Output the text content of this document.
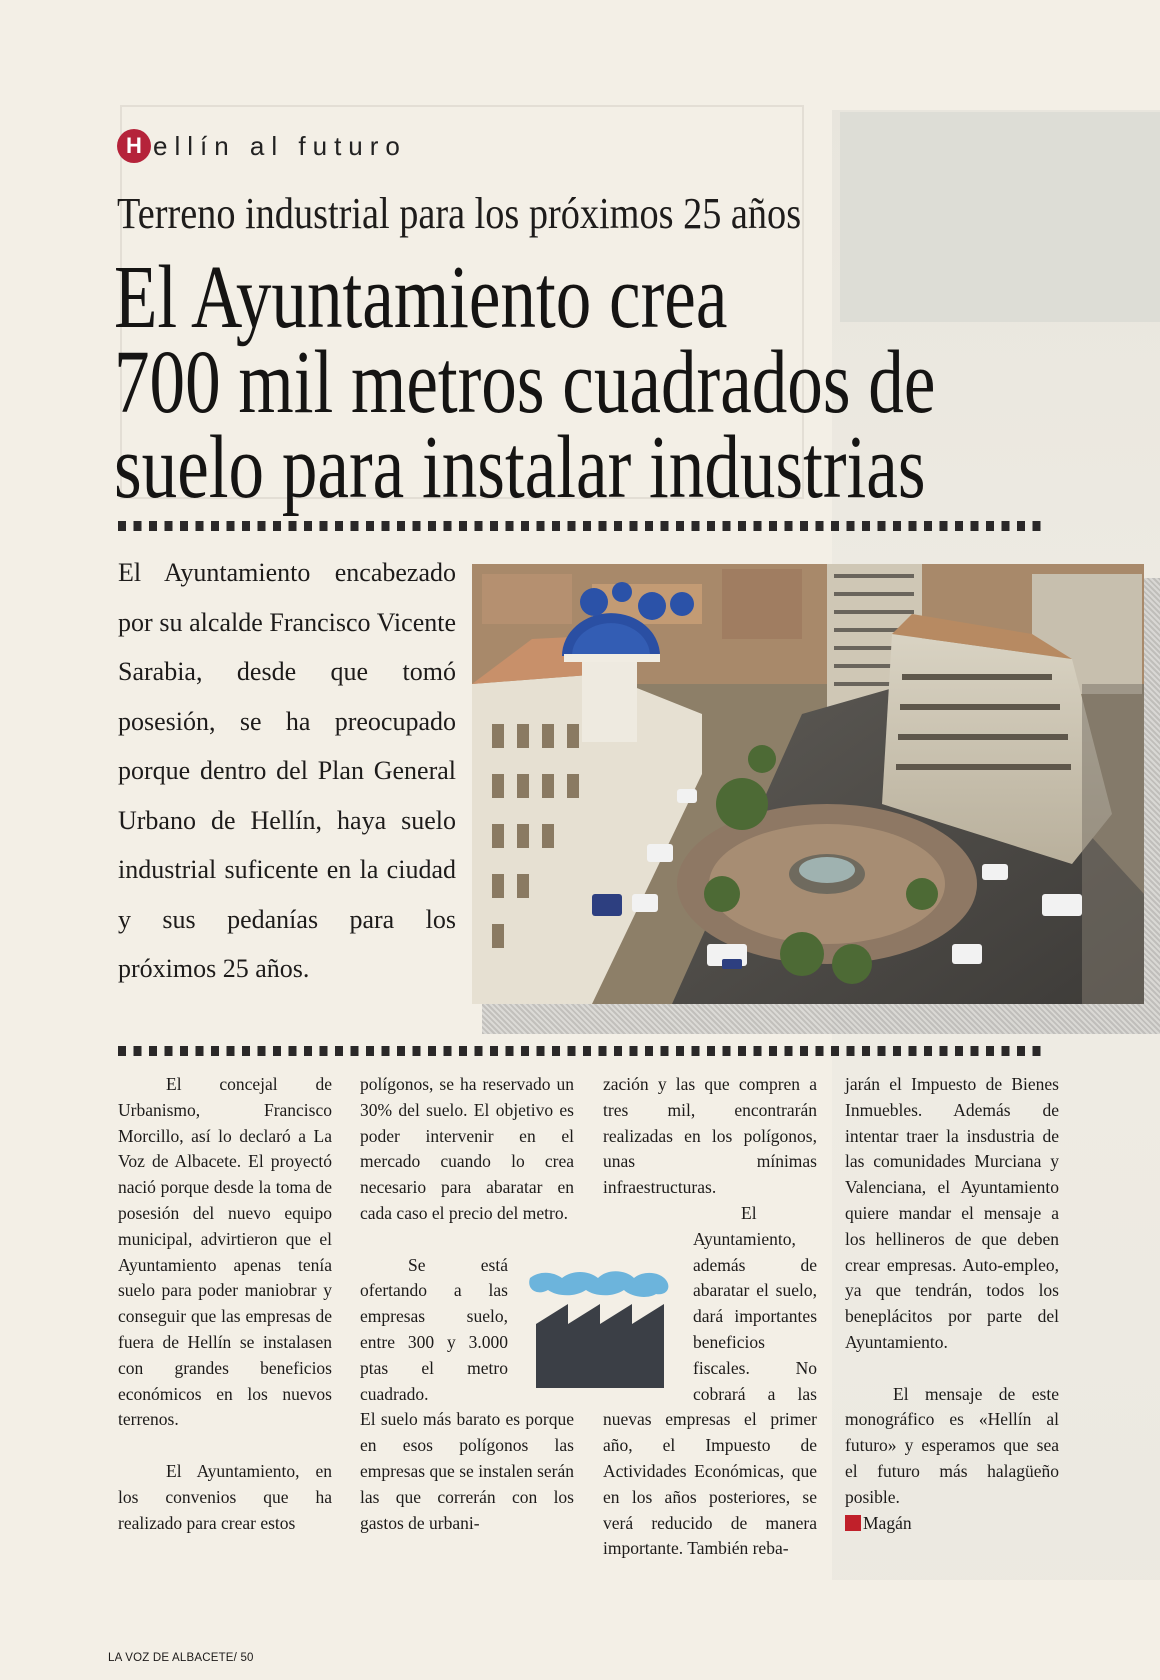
H ellín al futuro
Terreno industrial para los próximos 25 años
El Ayuntamiento crea
700 mil metros cuadrados de
suelo para instalar industrias

El Ayuntamiento encabezado por su alcalde Francisco Vicente Sarabia, desde que tomó posesión, se ha preocupado porque dentro del Plan General Urbano de Hellín, haya suelo industrial suficente en la ciudad y sus pedanías para los próximos 25 años.

El concejal de Urbanismo, Francisco Morcillo, así lo declaró a La Voz de Albacete. El proyectó nació porque desde la toma de posesión del nuevo equipo municipal, advirtieron que el Ayuntamiento apenas tenía suelo para poder maniobrar y conseguir que las empresas de fuera de Hellín se instalasen con grandes beneficios económicos en los nuevos terrenos.

El Ayuntamiento, en los convenios que ha realizado para crear estos

polígonos, se ha reservado un 30% del suelo. El objetivo es poder intervenir en el mercado cuando lo crea necesario para abaratar en cada caso el precio del metro.

Se está ofertando a las empresas suelo, entre 300 y 3.000 ptas el metro cuadrado.

El suelo más barato es porque en esos polígonos las empresas que se instalen serán las que correrán con los gastos de urbani-

zación y las que compren a tres mil, encontrarán realizadas en los polígonos, unas mínimas infraestructuras.

El Ayuntamiento, además de abaratar el suelo, dará importantes beneficios fiscales. No cobrará a las nuevas empresas el primer año, el Impuesto de Actividades Económicas, que en los años posteriores, se verá reducido de manera importante. También reba-

jarán el Impuesto de Bienes Inmuebles. Además de intentar traer la insdustria de las comunidades Murciana y Valenciana, el Ayuntamiento quiere mandar el mensaje a los hellineros de que deben crear empresas. Auto-empleo, ya que tendrán, todos los beneplácitos por parte del Ayuntamiento.

El mensaje de este monográfico es «Hellín al futuro» y esperamos que sea el futuro más halagüeño posible.

Magán

LA VOZ DE ALBACETE/ 50
